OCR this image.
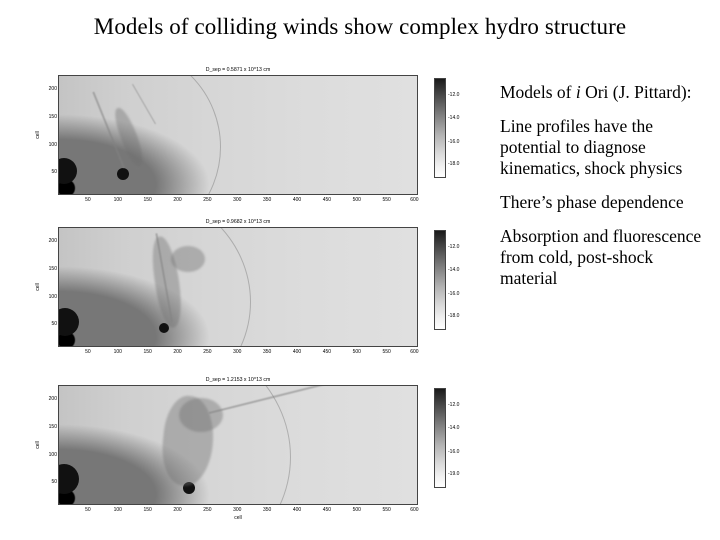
Models of colliding winds show complex hydro structure
D_sep = 0.5871 x 10^13 cm
200
150
100
50
cell
50	100	150	200	250	300	350	400	450	500	550	600
-12.0
-14.0
-16.0
-18.0
D_sep = 0.9682 x 10^13 cm
200
150
100
50
cell
50	100	150	200	250	300	350	400	450	500	550	600
-12.0
-14.0
-16.0
-18.0
D_sep = 1.2153 x 10^13 cm
200
150
100
50
cell
50	100	150	200	250	300	350	400	450	500	550	600
cell
-12.0
-14.0
-16.0
-19.0

Models of i Ori (J. Pittard):

Line profiles have the potential to diagnose kinematics, shock physics

There’s phase dependence

Absorption and fluorescence from cold, post-shock material
